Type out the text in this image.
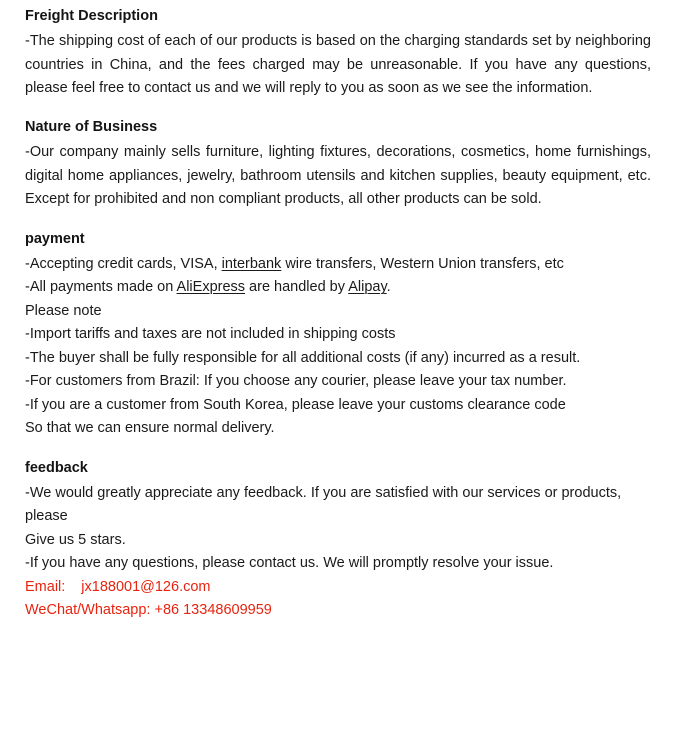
Freight Description

-The shipping cost of each of our products is based on the charging standards set by neighboring countries in China, and the fees charged may be unreasonable. If you have any questions, please feel free to contact us and we will reply to you as soon as we see the information.

Nature of Business

-Our company mainly sells furniture, lighting fixtures, decorations, cosmetics, home furnishings, digital home appliances, jewelry, bathroom utensils and kitchen supplies, beauty equipment, etc. Except for prohibited and non compliant products, all other products can be sold.

payment

-Accepting credit cards, VISA, interbank wire transfers, Western Union transfers, etc

-All payments made on AliExpress are handled by Alipay.

Please note

-Import tariffs and taxes are not included in shipping costs

-The buyer shall be fully responsible for all additional costs (if any) incurred as a result.

-For customers from Brazil: If you choose any courier, please leave your tax number.

-If you are a customer from South Korea, please leave your customs clearance code

So that we can ensure normal delivery.

feedback

-We would greatly appreciate any feedback. If you are satisfied with our services or products, please

Give us 5 stars.

-If you have any questions, please contact us. We will promptly resolve your issue.

Email: jx188001@126.com

WeChat/Whatsapp: +86 13348609959
